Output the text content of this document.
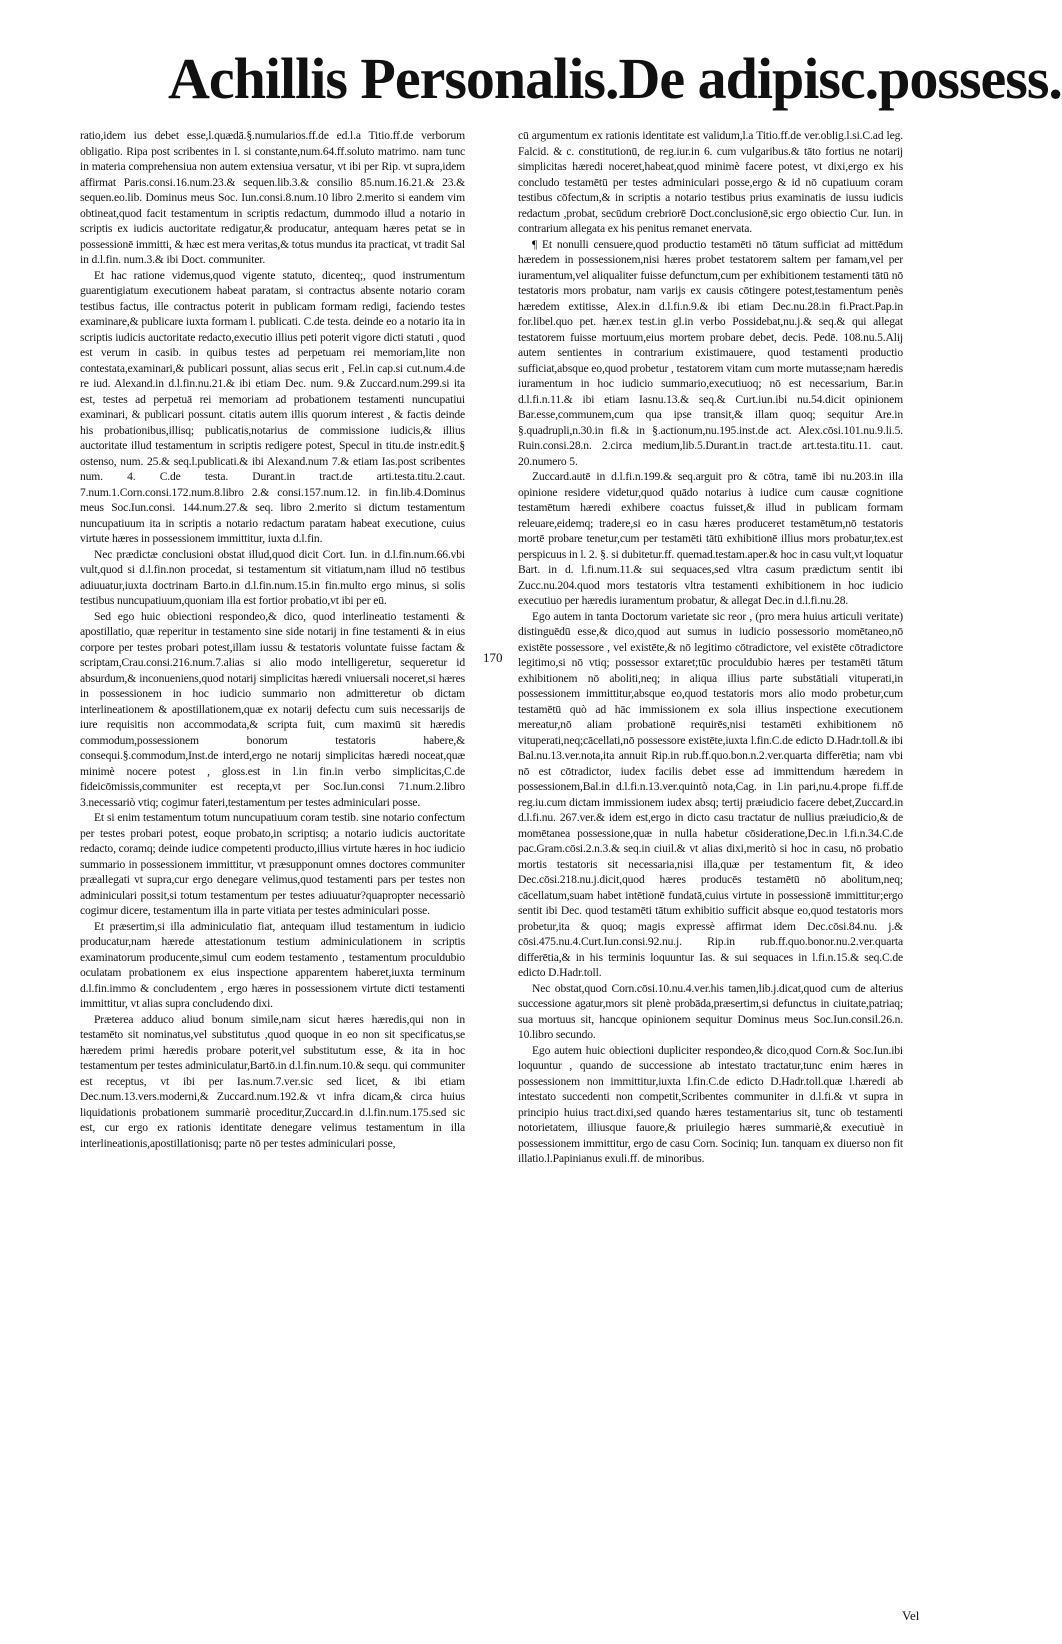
Achillis Personalis.De adipisc.possess.

ratio,idem ius debet esse,l.quædā.§.numularios.ff.de ed.l.a Titio.ff.de verborum obligatio. Ripa post scribentes in l. si constante,num.64.ff.soluto matrimo. nam tunc in materia comprehensiua non autem extensiua versatur, vt ibi per Rip. vt supra,idem affirmat Paris.consi.16.num.23.& sequen.lib.3.& consilio 85.num.16.21.& 23.& sequen.eo.lib. Dominus meus Soc. Iun.consi.8.num.10 libro 2.merito si eandem vim obtineat,quod facit testamentum in scriptis redactum, dummodo illud a notario in scriptis ex iudicis auctoritate redigatur,& producatur, antequam hæres petat se in possessionē immitti, & hæc est mera veritas,& totus mundus ita practicat, vt tradit Sal in d.l.fin. num.3.& ibi Doct. communiter.

Et hac ratione videmus,quod vigente statuto, dicenteq;, quod instrumentum guarentigiatum executionem habeat paratam, si contractus absente notario coram testibus factus, ille contractus poterit in publicam formam redigi, faciendo testes examinare,& publicare iuxta formam l. publicati. C.de testa. deinde eo a notario ita in scriptis iudicis auctoritate redacto,executio illius peti poterit vigore dicti statuti , quod est verum in casib. in quibus testes ad perpetuam rei memoriam,lite non contestata,examinari,& publicari possunt, alias secus erit , Fel.in cap.si cut.num.4.de re iud. Alexand.in d.l.fin.nu.21.& ibi etiam Dec. num. 9.& Zuccard.num.299.si ita est, testes ad perpetuā rei memoriam ad probationem testamenti nuncupatiui examinari, & publicari possunt. citatis autem illis quorum interest , & factis deinde his probationibus,illisq; publicatis,notarius de commissione iudicis,& illius auctoritate illud testamentum in scriptis redigere potest, Specul in titu.de instr.edit.§ ostenso, num. 25.& seq.l.publicati.& ibi Alexand.num 7.& etiam Ias.post scribentes num. 4. C.de testa. Durant.in tract.de arti.testa.titu.2.caut. 7.num.1.Corn.consi.172.num.8.libro 2.& consi.157.num.12. in fin.lib.4.Dominus meus Soc.Iun.consi. 144.num.27.& seq. libro 2.merito si dictum testamentum nuncupatiuum ita in scriptis a notario redactum paratam habeat executione, cuius virtute hæres in possessionem immittitur, iuxta d.l.fin.

Nec prædictæ conclusioni obstat illud,quod dicit Cort. Iun. in d.l.fin.num.66.vbi vult,quod si d.l.fin.non procedat, si testamentum sit vitiatum,nam illud nō testibus adiuuatur,iuxta doctrinam Barto.in d.l.fin.num.15.in fin.multo ergo minus, si solis testibus nuncupatiuum,quoniam illa est fortior probatio,vt ibi per eū.

Sed ego huic obiectioni respondeo,& dico, quod interlineatio testamenti & apostillatio, quæ reperitur in testamento sine side notarij in fine testamenti & in eius corpore per testes probari potest,illam iussu & testatoris voluntate fuisse factam & scriptam,Crau.consi.216.num.7.alias si alio modo intelligeretur, sequeretur id absurdum,& inconueniens,quod notarij simplicitas hæredi vniuersali noceret,si hæres in possessionem in hoc iudicio summario non admitteretur ob dictam interlineationem & apostillationem,quæ ex notarij defectu cum suis necessarijs de iure requisitis non accommodata,& scripta fuit, cum maximū sit hæredis commodum,possessionem bonorum testatoris habere,& consequi.§.commodum,Inst.de interd,ergo ne notarij simplicitas hæredi noceat,quæ minimè nocere potest , gloss.est in l.in fin.in verbo simplicitas,C.de fideicōmissis,communiter est recepta,vt per Soc.Iun.consi 71.num.2.libro 3.necessariò vtiq; cogimur fateri,testamentum per testes adminiculari posse.

Et si enim testamentum totum nuncupatiuum coram testib. sine notario confectum per testes probari potest, eoque probato,in scriptisq; a notario iudicis auctoritate redacto, coramq; deinde iudice competenti producto,illius virtute hæres in hoc iudicio summario in possessionem immittitur, vt præsupponunt omnes doctores communiter præallegati vt supra,cur ergo denegare velimus,quod testamenti pars per testes non adminiculari possit,si totum testamentum per testes adiuuatur?quapropter necessariò cogimur dicere, testamentum illa in parte vitiata per testes adminiculari posse.

Et præsertim,si illa adminiculatio fiat, antequam illud testamentum in iudicio producatur,nam hærede attestationum testium adminiculationem in scriptis examinatorum producente,simul cum eodem testamento , testamentum proculdubio oculatam probationem ex eius inspectione apparentem haberet,iuxta terminum d.l.fin.immo & concludentem , ergo hæres in possessionem virtute dicti testamenti immittitur, vt alias supra concludendo dixi.

Præterea adduco aliud bonum simile,nam sicut hæres hæredis,qui non in testamēto sit nominatus,vel substitutus ,quod quoque in eo non sit specificatus,se hæredem primi hæredis probare poterit,vel substitutum esse, & ita in hoc testamentum per testes adminiculatur,Bartō.in d.l.fin.num.10.& sequ. qui communiter est receptus, vt ibi per Ias.num.7.ver.sic sed licet, & ibi etiam Dec.num.13.vers.moderni,& Zuccard.num.192.& vt infra dicam,& circa huius liquidationis probationem summariè proceditur,Zuccard.in d.l.fin.num.175.sed sic est, cur ergo ex rationis identitate denegare velimus testamentum in illa interlineationis,apostillationisq; parte nō per testes adminiculari posse,

170

cū argumentum ex rationis identitate est validum,l.a Titio.ff.de ver.oblig.l.si.C.ad leg. Falcid. & c. constitutionū, de reg.iur.in 6. cum vulgaribus.& tāto fortius ne notarij simplicitas hæredi noceret,habeat,quod minimè facere potest, vt dixi,ergo ex his concludo testamētū per testes adminiculari posse,ergo & id nō cupatiuum coram testibus cōfectum,& in scriptis a notario testibus prius examinatis de iussu iudicis redactum ,probat, secūdum crebriorē Doct.conclusionē,sic ergo obiectio Cur. Iun. in contrarium allegata ex his penitus remanet enervata.

¶ Et nonulli censuere,quod productio testamēti nō tātum sufficiat ad mittēdum hæredem in possessionem,nisi hæres probet testatorem saltem per famam,vel per iuramentum,vel aliqualiter fuisse defunctum,cum per exhibitionem testamenti tātū nō testatoris mors probatur, nam varijs ex causis cōtingere potest,testamentum penès hæredem extitisse, Alex.in d.l.fi.n.9.& ibi etiam Dec.nu.28.in fi.Pract.Pap.in for.libel.quo pet. hær.ex test.in gl.in verbo Possidebat,nu.j.& seq.& qui allegat testatorem fuisse mortuum,eius mortem probare debet, decis. Pedē. 108.nu.5.Alij autem sentientes in contrarium existimauere, quod testamenti productio sufficiat,absque eo,quod probetur , testatorem vitam cum morte mutasse;nam hæredis iuramentum in hoc iudicio summario,executiuoq; nō est necessarium, Bar.in d.l.fi.n.11.& ibi etiam Iasnu.13.& seq.& Curt.iun.ibi nu.54.dicit opinionem Bar.esse,communem,cum qua ipse transit,& illam quoq; sequitur Are.in §.quadrupli,n.30.in fi.& in §.actionum,nu.195.inst.de act. Alex.cōsi.101.nu.9.li.5. Ruin.consi.28.n. 2.circa medium,lib.5.Durant.in tract.de art.testa.titu.11. caut. 20.numero 5.

Zuccard.autē in d.l.fi.n.199.& seq.arguit pro & cōtra, tamē ibi nu.203.in illa opinione residere videtur,quod quādo notarius à iudice cum causæ cognitione testamētum hæredi exhibere coactus fuisset,& illud in publicam formam releuare,eidemq; tradere,si eo in casu hæres produceret testamētum,nō testatoris mortē probare tenetur,cum per testamēti tātū exhibitionē illius mors probatur,tex.est perspicuus in l. 2. §. si dubitetur.ff. quemad.testam.aper.& hoc in casu vult,vt loquatur Bart. in d. l.fi.num.11.& sui sequaces,sed vltra casum prædictum sentit ibi Zucc.nu.204.quod mors testatoris vltra testamenti exhibitionem in hoc iudicio executiuo per hæredis iuramentum probatur, & allegat Dec.in d.l.fi.nu.28.

Ego autem in tanta Doctorum varietate sic reor , (pro mera huius articuli veritate) distinguēdū esse,& dico,quod aut sumus in iudicio possessorio momētaneo,nō existēte possessore , vel existēte,& nō legitimo cōtradictore, vel existēte cōtradictore legitimo,si nō vtiq; possessor extaret;tūc proculdubio hæres per testamēti tātum exhibitionem nō aboliti,neq; in aliqua illius parte substātiali vituperati,in possessionem immittitur,absque eo,quod testatoris mors alio modo probetur,cum testamētū quò ad hāc immissionem ex sola illius inspectione executionem mereatur,nō aliam probationē requirēs,nisi testamēti exhibitionem nō vituperati,neq;cācellati,nō possessore existēte,iuxta l.fin.C.de edicto D.Hadr.toll.& ibi Bal.nu.13.ver.nota,ita annuit Rip.in rub.ff.quo.bon.n.2.ver.quarta differētia; nam vbi nō est cōtradictor, iudex facilis debet esse ad immittendum hæredem in possessionem,Bal.in d.l.fi.n.13.ver.quintò nota,Cag. in l.in pari,nu.4.prope fi.ff.de reg.iu.cum dictam immissionem iudex absq; tertij præiudicio facere debet,Zuccard.in d.l.fi.nu. 267.ver.& idem est,ergo in dicto casu tractatur de nullius præiudicio,& de momētanea possessione,quæ in nulla habetur cōsideratione,Dec.in l.fi.n.34.C.de pac.Gram.cōsi.2.n.3.& seq.in ciuil.& vt alias dixi,meritò si hoc in casu, nō probatio mortis testatoris sit necessaria,nisi illa,quæ per testamentum fit, & ideo Dec.cōsi.218.nu.j.dicit,quod hæres producēs testamētū nō abolitum,neq; cācellatum,suam habet intētionē fundatā,cuius virtute in possessionē immittitur;ergo sentit ibi Dec. quod testamēti tātum exhibitio sufficit absque eo,quod testatoris mors probetur,ita & quoq; magis expressè affirmat idem Dec.cōsi.84.nu. j.& cōsi.475.nu.4.Curt.Iun.consi.92.nu.j. Rip.in rub.ff.quo.bonor.nu.2.ver.quarta differētia,& in his terminis loquuntur Ias. & sui sequaces in l.fi.n.15.& seq.C.de edicto D.Hadr.toll.

Nec obstat,quod Corn.cōsi.10.nu.4.ver.his tamen,lib.j.dicat,quod cum de alterius successione agatur,mors sit plenè probāda,præsertim,si defunctus in ciuitate,patriaq; sua mortuus sit, hancque opinionem sequitur Dominus meus Soc.Iun.consil.26.n. 10.libro secundo.

Ego autem huic obiectioni dupliciter respondeo,& dico,quod Corn.& Soc.Iun.ibi loquuntur , quando de successione ab intestato tractatur,tunc enim hæres in possessionem non immittitur,iuxta l.fin.C.de edicto D.Hadr.toll.quæ l.hæredi ab intestato succedenti non competit,Scribentes communiter in d.l.fi.& vt supra in principio huius tract.dixi,sed quando hæres testamentarius sit, tunc ob testamenti notorietatem, illiusque fauore,& priuilegio hæres summariè,& executiuè in possessionem immittitur, ergo de casu Corn. Sociniq; Iun. tanquam ex diuerso non fit illatio.l.Papinianus exuli.ff. de minoribus.

Vel
